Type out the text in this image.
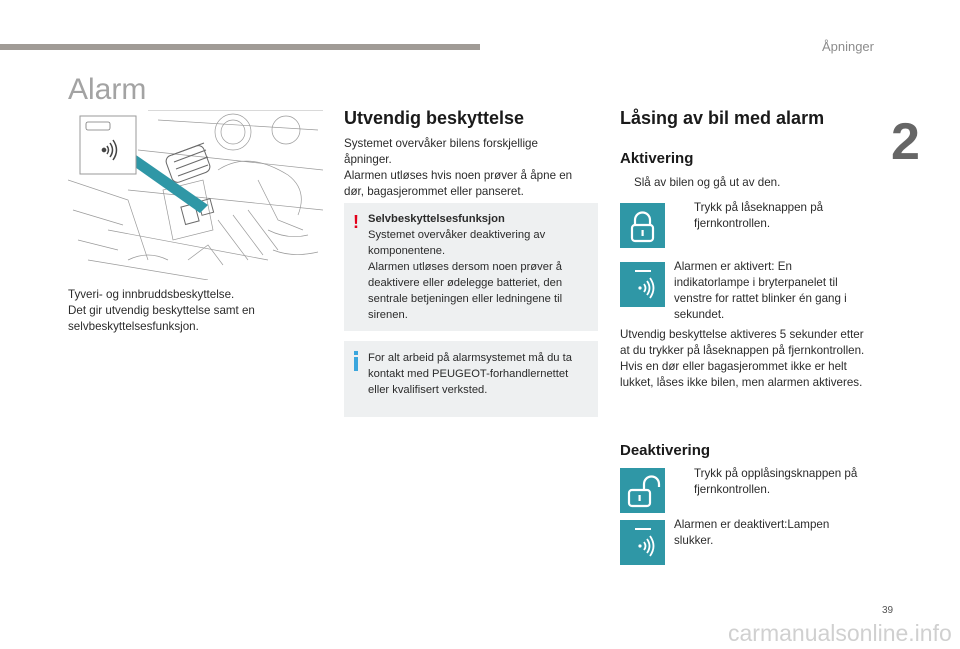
Åpninger
2
Alarm
Tyveri- og innbruddsbeskyttelse.
Det gir utvendig beskyttelse samt en
selvbeskyttelsesfunksjon.
Utvendig beskyttelse
Systemet overvåker bilens forskjellige
åpninger.
Alarmen utløses hvis noen prøver å åpne en
dør, bagasjerommet eller panseret.
! Selvbeskyttelsesfunksjon
Systemet overvåker deaktivering av
komponentene.
Alarmen utløses dersom noen prøver å
deaktivere eller ødelegge batteriet, den
sentrale betjeningen eller ledningene til
sirenen.
For alt arbeid på alarmsystemet må du ta
kontakt med PEUGEOT-forhandlernettet
eller kvalifisert verksted.
Låsing av bil med alarm
Aktivering
Slå av bilen og gå ut av den.
Trykk på låseknappen på
fjernkontrollen.
Alarmen er aktivert: En
indikatorlampe i bryterpanelet til
venstre for rattet blinker én gang i
sekundet.
Utvendig beskyttelse aktiveres 5 sekunder etter
at du trykker på låseknappen på fjernkontrollen.
Hvis en dør eller bagasjerommet ikke er helt
lukket, låses ikke bilen, men alarmen aktiveres.
Deaktivering
Trykk på opplåsingsknappen på
fjernkontrollen.
Alarmen er deaktivert:Lampen
slukker.
39
carmanualsonline.info
